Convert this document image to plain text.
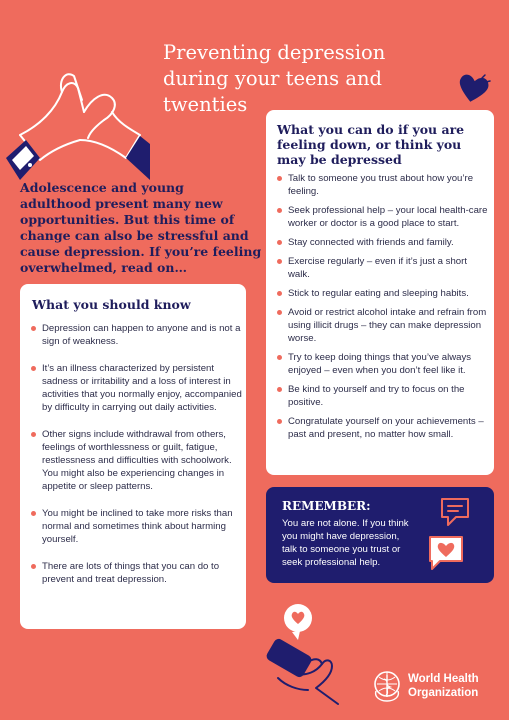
Preventing depression
during your teens and
twenties
Adolescence and young
adulthood present many new
opportunities. But this time of
change can also be stressful and
cause depression. If you’re feeling
overwhelmed, read on…
What you should know
Depression can happen to anyone and is not a sign of weakness.
It’s an illness characterized by persistent sadness or irritability and a loss of interest in activities that you normally enjoy, accompanied by difficulty in carrying out daily activities.
Other signs include withdrawal from others, feelings of worthlessness or guilt, fatigue, restlessness and difficulties with schoolwork. You might also be experiencing changes in appetite or sleep patterns.
You might be inclined to take more risks than normal and sometimes think about harming yourself.
There are lots of things that you can do to prevent and treat depression.
What you can do if you are
feeling down, or think you
may be depressed
Talk to someone you trust about how you’re feeling.
Seek professional help – your local health-care worker or doctor is a good place to start.
Stay connected with friends and family.
Exercise regularly – even if it’s just a short walk.
Stick to regular eating and sleeping habits.
Avoid or restrict alcohol intake and refrain from using illicit drugs – they can make depression worse.
Try to keep doing things that you’ve always enjoyed – even when you don’t feel like it.
Be kind to yourself and try to focus on the positive.
Congratulate yourself on your achievements – past and present, no matter how small.
REMEMBER:
You are not alone. If you think
you might have depression,
talk to someone you trust or
seek professional help.
World Health
Organization
